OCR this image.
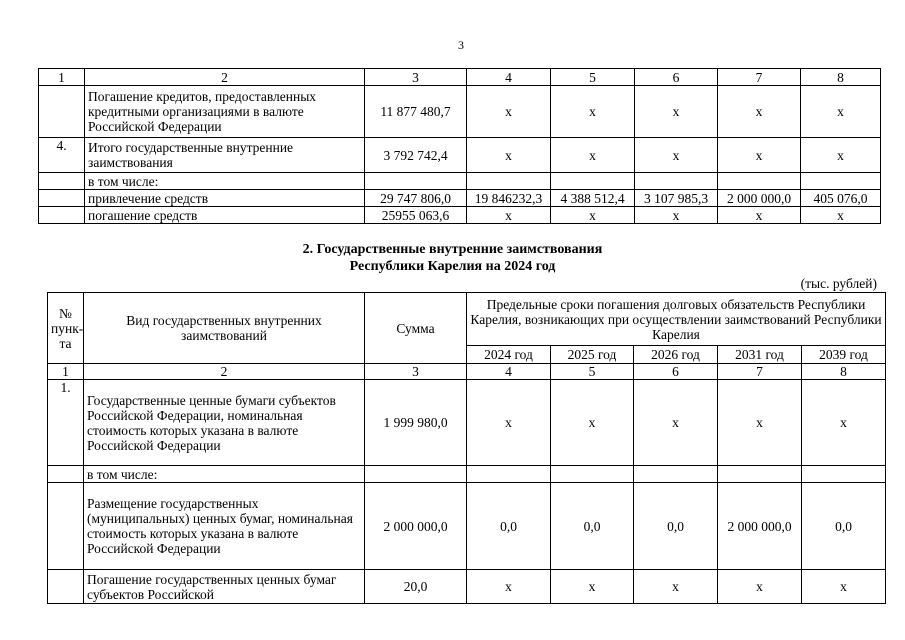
3
1	2	3	4	5	6	7	8
	Погашение кредитов, предоставленных кредитными организациями в валюте Российской Федерации	11 877 480,7	х	х	х	х	х
4.	Итого государственные внутренние заимствования	3 792 742,4	х	х	х	х	х
	в том числе:						
	привлечение средств	29 747 806,0	19 846232,3	4 388 512,4	3 107 985,3	2 000 000,0	405 076,0
	погашение средств	25955 063,6	х	х	х	х	х
2. Государственные внутренние заимствования
Республики Карелия на 2024 год
(тыс. рублей)
№ пунк-та	Вид государственных внутренних заимствований	Сумма	Предельные сроки погашения долговых обязательств Республики Карелия, возникающих при осуществлении заимствований Республики Карелия				
			2024 год	2025 год	2026 год	2031 год	2039 год
1	2	3	4	5	6	7	8
1.	Государственные ценные бумаги субъектов Российской Федерации, номинальная стоимость которых указана в валюте Российской Федерации	1 999 980,0	х	х	х	х	х
	в том числе:						
	Размещение государственных (муниципальных) ценных бумаг, номинальная стоимость которых указана в валюте Российской Федерации	2 000 000,0	0,0	0,0	0,0	2 000 000,0	0,0
	Погашение государственных ценных бумаг субъектов Российской	20,0	х	х	х	х	х
